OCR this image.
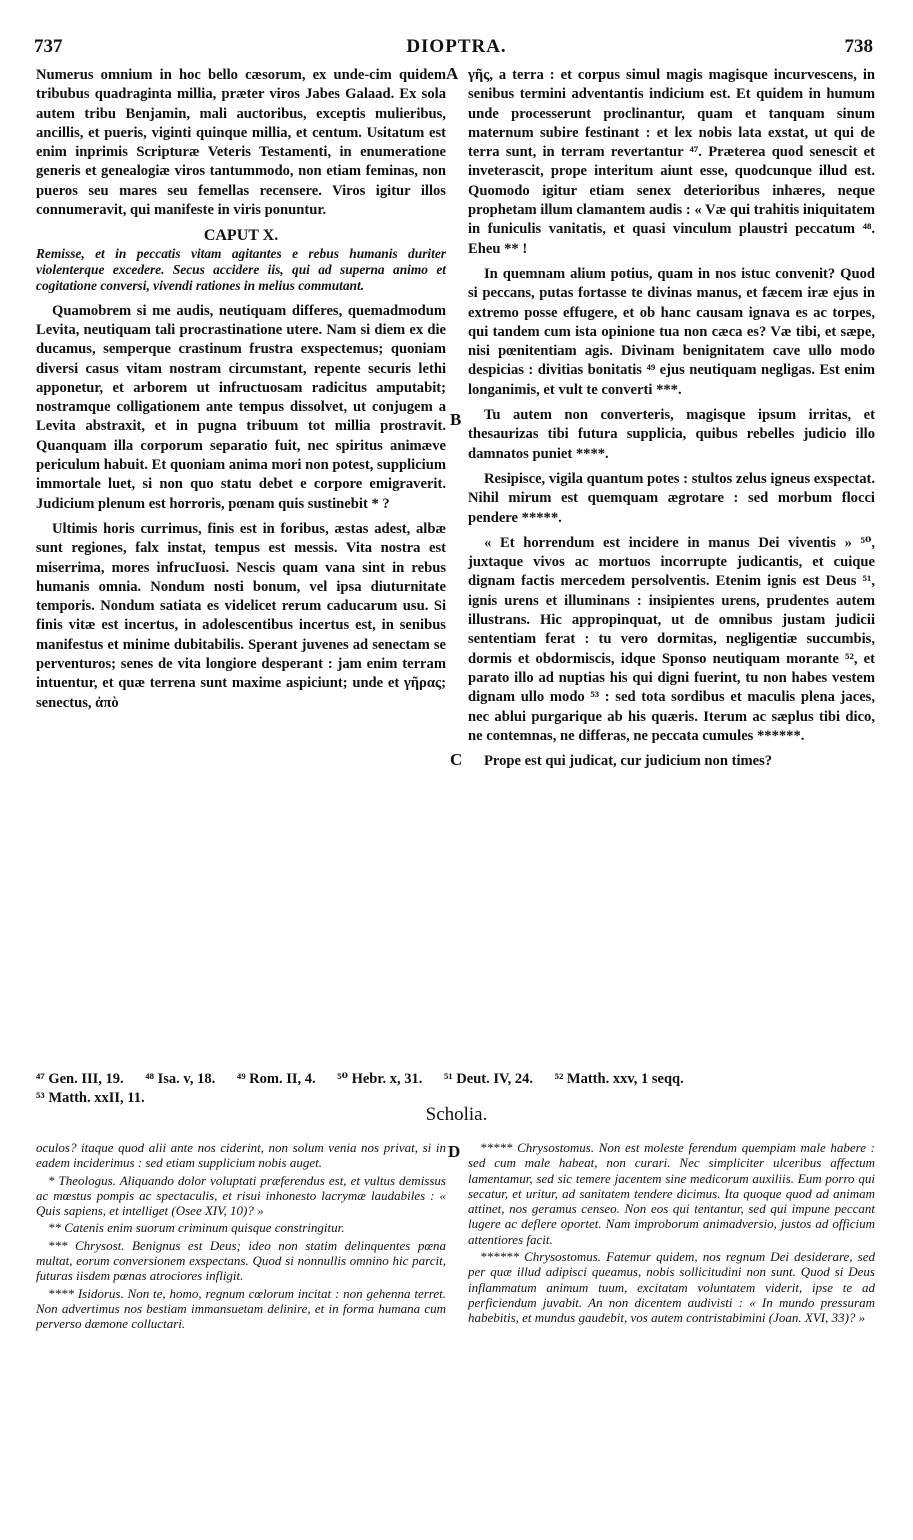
737	DIOPTRA.	738

Numerus omnium in hoc bello cæsorum, ex unde-cim quidem tribubus quadraginta millia, præter viros Jabes Galaad. Ex sola autem tribu Benjamin, mali auctoribus, exceptis mulieribus, ancillis, et pueris, viginti quinque millia, et centum. Usitatum est enim inprimis Scripturæ Veteris Testamenti, in enumeratione generis et genealogiæ viros tantummodo, non etiam feminas, non pueros seu mares seu femellas recensere. Viros igitur illos connumeravit, qui manifeste in viris ponuntur.

CAPUT X.
Remisse, et in peccatis vitam agitantes e rebus humanis duriter violenterque excedere. Secus accidere iis, qui ad superna animo et cogitatione conversi, vivendi rationes in melius commutant.

Quamobrem si me audis, neutiquam differes, quemadmodum Levita, neutiquam tali procrastinatione utere. Nam si diem ex die ducamus, semperque crastinum frustra exspectemus; quoniam diversi casus vitam nostram circumstant, repente securis lethi apponetur, et arborem ut infructuosam radicitus amputabit; nostramque colligationem ante tempus dissolvet, ut conjugem a Levita abstraxit, et in pugna tribuum tot millia prostravit. Quanquam illa corporum separatio fuit, nec spiritus animæve periculum habuit. Et quoniam anima mori non potest, supplicium immortale luet, si non quo statu debet e corpore emigraverit. Judicium plenum est horroris, pœnam quis sustinebit * ?

Ultimis horis currimus, finis est in foribus, æstas adest, albæ sunt regiones, falx instat, tempus est messis. Vita nostra est miserrima, mores infrucIuosi. Nescis quam vana sint in rebus humanis omnia. Nondum nosti bonum, vel ipsa diuturnitate temporis. Nondum satiata es videlicet rerum caducarum usu. Si finis vitæ est incertus, in adolescentibus incertus est, in senibus manifestus et minime dubitabilis. Sperant juvenes ad senectam se perventuros; senes de vita longiore desperant : jam enim terram intuentur, et quæ terrena sunt maxime aspiciunt; unde et γῆρας; senectus, ἀπὸ

A
B
C
D

γῆς, a terra : et corpus simul magis magisque incurvescens, in senibus termini adventantis indicium est. Et quidem in humum unde processerunt proclinantur, quam et tanquam sinum maternum subire festinant : et lex nobis lata exstat, ut qui de terra sunt, in terram revertantur ⁴⁷. Præterea quod senescit et inveterascit, prope interitum aiunt esse, quodcunque illud est. Quomodo igitur etiam senex deterioribus inhæres, neque prophetam illum clamantem audis : « Væ qui trahitis iniquitatem in funiculis vanitatis, et quasi vinculum plaustri peccatum ⁴⁸. Eheu ** !

In quemnam alium potius, quam in nos istuc convenit? Quod si peccans, putas fortasse te divinas manus, et fæcem iræ ejus in extremo posse effugere, et ob hanc causam ignava es ac torpes, qui tandem cum ista opinione tua non cæca es? Væ tibi, et sæpe, nisi pœnitentiam agis. Divinam benignitatem cave ullo modo despicias : divitias bonitatis ⁴⁹ ejus neutiquam negligas. Est enim longanimis, et vult te converti ***.

Tu autem non converteris, magisque ipsum irritas, et thesaurizas tibi futura supplicia, quibus rebelles judicio illo damnatos puniet ****.

Resipisce, vigila quantum potes : stultos zelus igneus exspectat. Nihil mirum est quemquam ægrotare : sed morbum flocci pendere *****.

« Et horrendum est incidere in manus Dei viventis » ⁵⁰, juxtaque vivos ac mortuos incorrupte judicantis, et cuique dignam factis mercedem persolventis. Etenim ignis est Deus ⁵¹, ignis urens et illuminans : insipientes urens, prudentes autem illustrans. Hic appropinquat, ut de omnibus justam judicii sententiam ferat : tu vero dormitas, negligentiæ succumbis, dormis et obdormiscis, idque Sponso neutiquam morante ⁵², et parato illo ad nuptias his qui digni fuerint, tu non habes vestem dignam ullo modo ⁵³ : sed tota sordibus et maculis plena jaces, nec ablui purgarique ab his quæris. Iterum ac sæplus tibi dico, ne contemnas, ne differas, ne peccata cumules ******.

Prope est qui judicat, cur judicium non times?

⁴⁷ Gen. III, 19. ⁴⁸ Isa. v, 18. ⁴⁹ Rom. II, 4. ⁵⁰ Hebr. x, 31. ⁵¹ Deut. IV, 24. ⁵² Matth. xxv, 1 seqq.
⁵³ Matth. xxII, 11.
Scholia.

oculos? itaque quod alii ante nos ciderint, non solum venia nos privat, si in eadem inciderimus : sed etiam supplicium nobis auget.

* Theologus. Aliquando dolor voluptati præferendus est, et vultus demissus ac mœstus pompis ac spectaculis, et risui inhonesto lacrymæ laudabiles : « Quis sapiens, et intelliget (Osee XIV, 10)? »

** Catenis enim suorum criminum quisque constringitur.

*** Chrysost. Benignus est Deus; ideo non statim delinquentes pœna multat, eorum conversionem exspectans. Quod si nonnullis omnino hic parcit, futuras iisdem pœnas atrociores infligit.

**** Isidorus. Non te, homo, regnum cœlorum incitat : non gehenna terret. Non advertimus nos bestiam immansuetam delinire, et in forma humana cum perverso dæmone colluctari.

***** Chrysostomus. Non est moleste ferendum quempiam male habere : sed cum male habeat, non curari. Nec simpliciter ulceribus affectum lamentamur, sed sic temere jacentem sine medicorum auxiliis. Eum porro qui secatur, et uritur, ad sanitatem tendere dicimus. Ita quoque quod ad animam attinet, nos geramus censeo. Non eos qui tentantur, sed qui impune peccant lugere ac deflere oportet. Nam improborum animadversio, justos ad officium attentiores facit.

****** Chrysostomus. Fatemur quidem, nos regnum Dei desiderare, sed per quæ illud adipisci queamus, nobis sollicitudini non sunt. Quod si Deus inflammatum animum tuum, excitatam voluntatem viderit, ipse te ad perficiendum juvabit. An non dicentem audivisti : « In mundo pressuram habebitis, et mundus gaudebit, vos autem contristabimini (Joan. XVI, 33)? »
